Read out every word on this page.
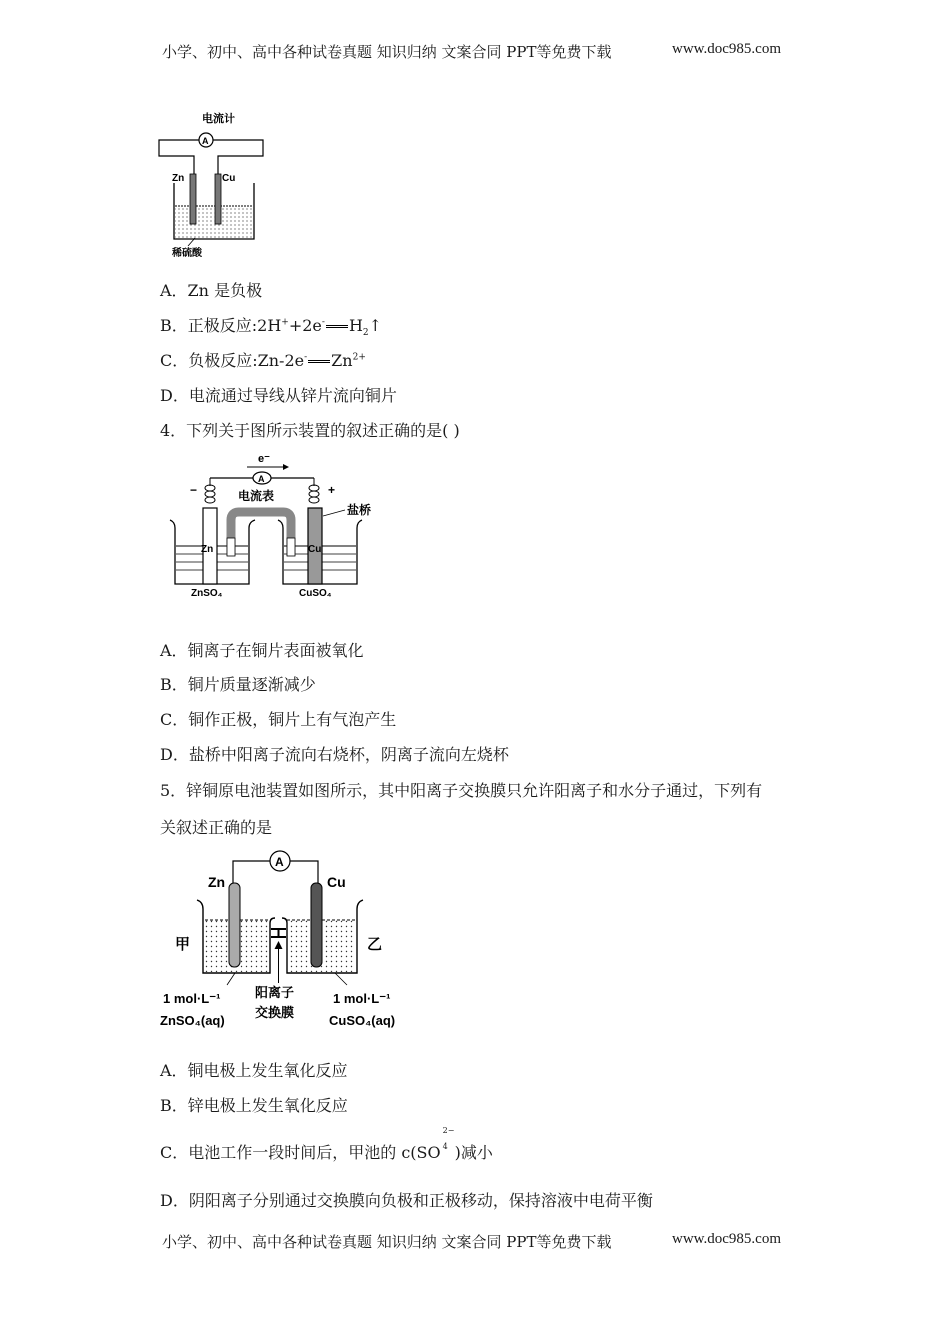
小学、初中、高中各种试卷真题 知识归纳 文案合同 PPT等免费下载	www.doc985.com
电流计
A
Zn	Cu
稀硫酸
A．Zn 是负极
B．正极反应:2H++2e- $H_2↑$
C．负极反应:Zn-2e- $Zn^{2+}$
D．电流通过导线从锌片流向铜片
4．下列关于图所示装置的叙述正确的是( )
e⁻
A
电流表
−	+
盐桥
Zn	Cu
ZnSO₄	CuSO₄
A．铜离子在铜片表面被氧化
B．铜片质量逐渐减少
C．铜作正极，铜片上有气泡产生
D．盐桥中阳离子流向右烧杯，阴离子流向左烧杯
5．锌铜原电池装置如图所示，其中阳离子交换膜只允许阳离子和水分子通过，下列有
关叙述正确的是
A
Zn	Cu
甲	乙
1 mol·L⁻¹
ZnSO₄(aq)
阳离子
交换膜
1 mol·L⁻¹
CuSO₄(aq)
A．铜电极上发生氧化反应
B．锌电极上发生氧化反应
C．电池工作一段时间后，甲池的 c(SO
2−
4 )减小
D．阴阳离子分别通过交换膜向负极和正极移动，保持溶液中电荷平衡
小学、初中、高中各种试卷真题 知识归纳 文案合同 PPT等免费下载	www.doc985.com
